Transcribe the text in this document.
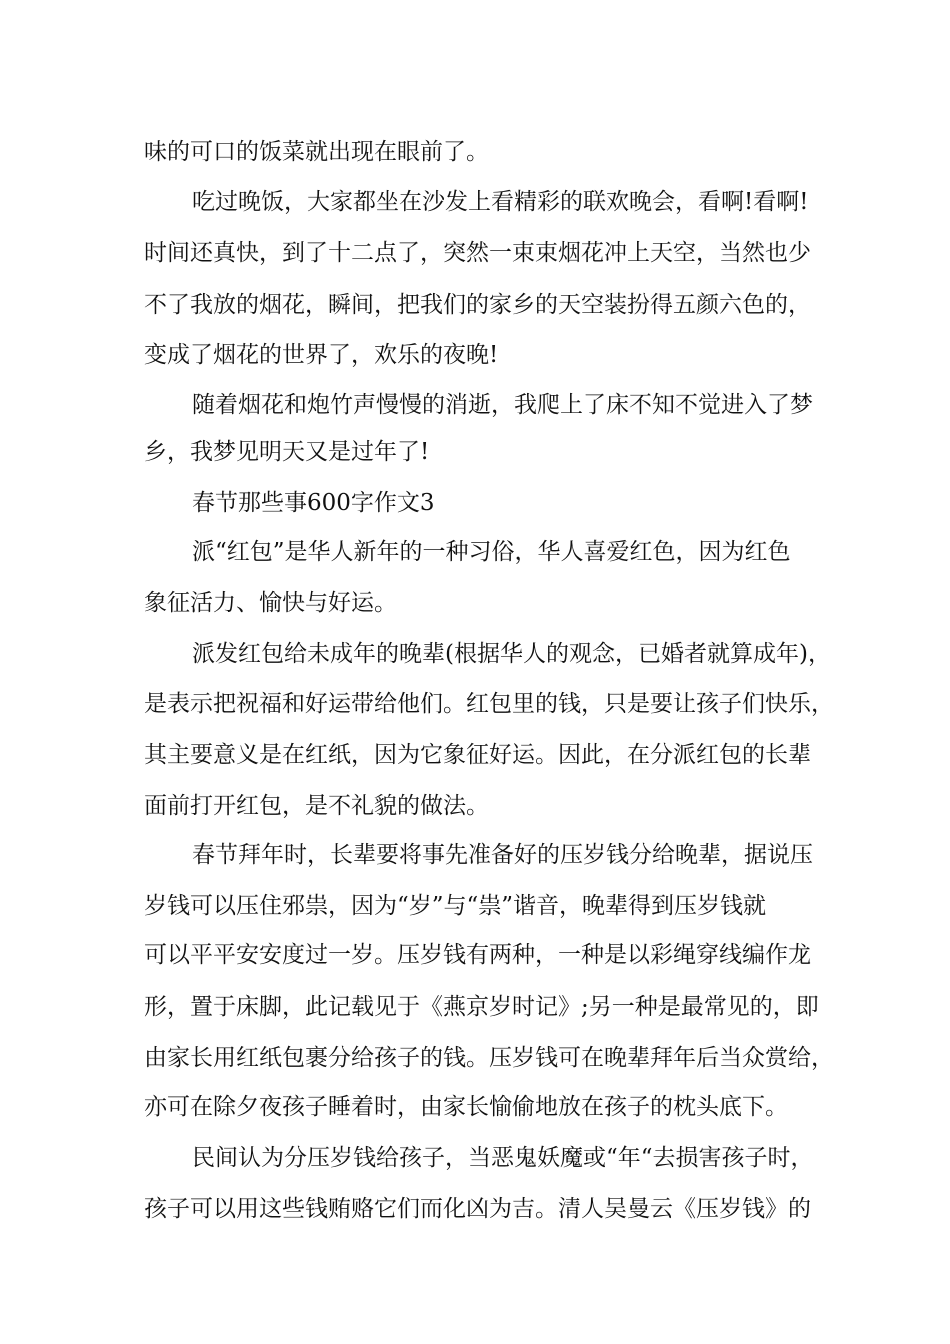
味的可口的饭菜就出现在眼前了。
吃过晚饭，大家都坐在沙发上看精彩的联欢晚会，看啊!看啊!
时间还真快，到了十二点了，突然一束束烟花冲上天空，当然也少
不了我放的烟花，瞬间，把我们的家乡的天空装扮得五颜六色的，
变成了烟花的世界了，欢乐的夜晚!
随着烟花和炮竹声慢慢的消逝，我爬上了床不知不觉进入了梦
乡，我梦见明天又是过年了!
春节那些事600字作文3
派“红包”是华人新年的一种习俗，华人喜爱红色，因为红色
象征活力、愉快与好运。
派发红包给未成年的晚辈(根据华人的观念，已婚者就算成年)，
是表示把祝福和好运带给他们。红包里的钱，只是要让孩子们快乐，
其主要意义是在红纸，因为它象征好运。因此，在分派红包的长辈
面前打开红包，是不礼貌的做法。
春节拜年时，长辈要将事先准备好的压岁钱分给晚辈，据说压
岁钱可以压住邪祟，因为“岁”与“祟”谐音，晚辈得到压岁钱就
可以平平安安度过一岁。压岁钱有两种，一种是以彩绳穿线编作龙
形，置于床脚，此记载见于《燕京岁时记》;另一种是最常见的，即
由家长用红纸包裹分给孩子的钱。压岁钱可在晚辈拜年后当众赏给，
亦可在除夕夜孩子睡着时，由家长愉偷地放在孩子的枕头底下。
民间认为分压岁钱给孩子，当恶鬼妖魔或“年“去损害孩子时，
孩子可以用这些钱贿赂它们而化凶为吉。清人吴曼云《压岁钱》的
